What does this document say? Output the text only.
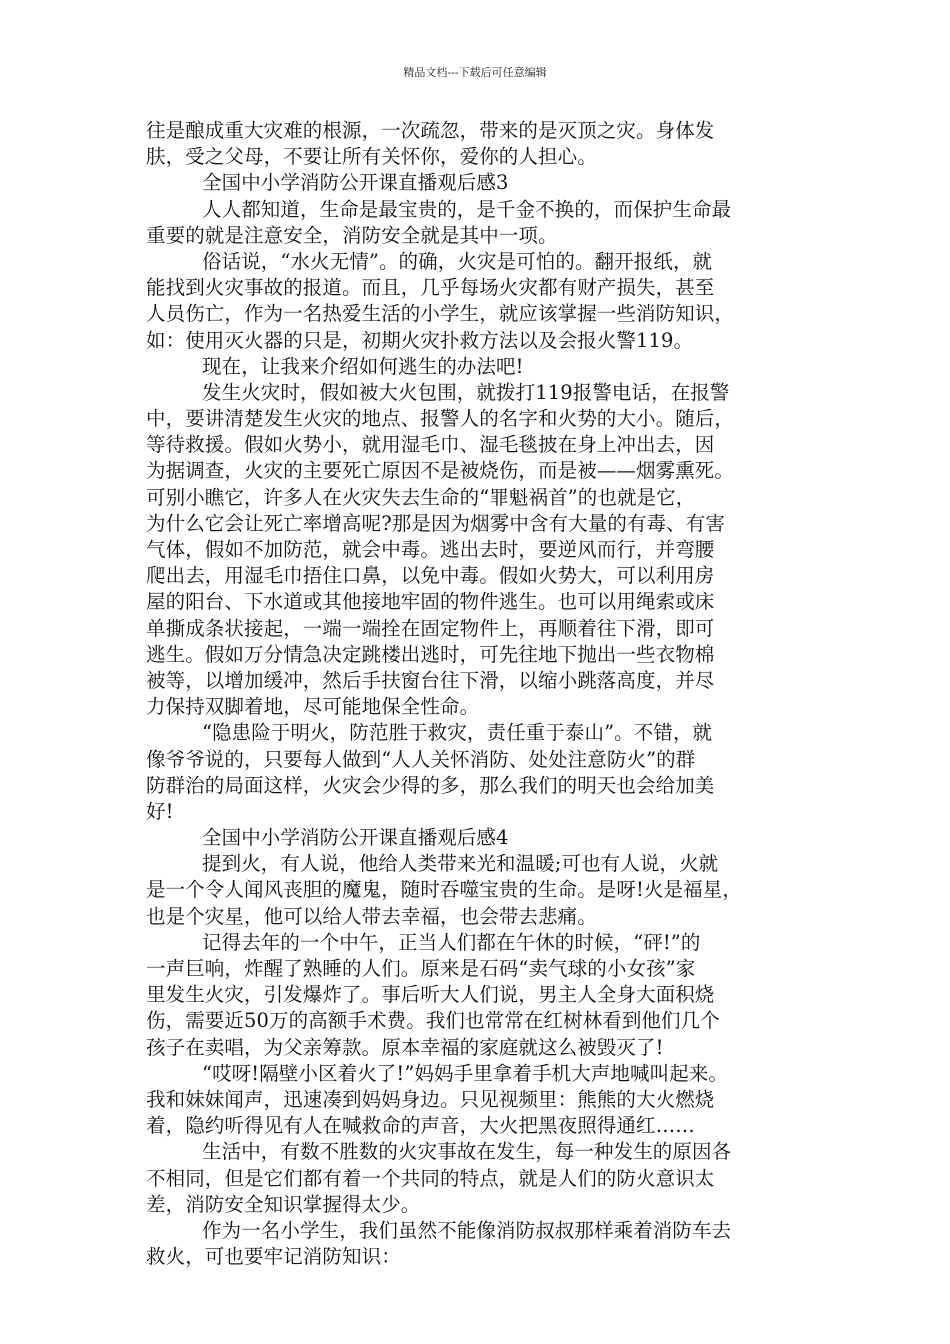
精品文档---下载后可任意编辑
往是酿成重大灾难的根源，一次疏忽，带来的是灭顶之灾。身体发
肤，受之父母，不要让所有关怀你，爱你的人担心。
全国中小学消防公开课直播观后感3
人人都知道，生命是最宝贵的，是千金不换的，而保护生命最
重要的就是注意安全，消防安全就是其中一项。
俗话说，“水火无情”。的确，火灾是可怕的。翻开报纸，就
能找到火灾事故的报道。而且，几乎每场火灾都有财产损失，甚至
人员伤亡，作为一名热爱生活的小学生，就应该掌握一些消防知识，
如：使用灭火器的只是，初期火灾扑救方法以及会报火警119。
现在，让我来介绍如何逃生的办法吧!
发生火灾时，假如被大火包围，就拨打119报警电话，在报警
中，要讲清楚发生火灾的地点、报警人的名字和火势的大小。随后，
等待救援。假如火势小，就用湿毛巾、湿毛毯披在身上冲出去，因
为据调查，火灾的主要死亡原因不是被烧伤，而是被——烟雾熏死。
可别小瞧它，许多人在火灾失去生命的“罪魁祸首”的也就是它，
为什么它会让死亡率增高呢?那是因为烟雾中含有大量的有毒、有害
气体，假如不加防范，就会中毒。逃出去时，要逆风而行，并弯腰
爬出去，用湿毛巾捂住口鼻，以免中毒。假如火势大，可以利用房
屋的阳台、下水道或其他接地牢固的物件逃生。也可以用绳索或床
单撕成条状接起，一端一端拴在固定物件上，再顺着往下滑，即可
逃生。假如万分情急决定跳楼出逃时，可先往地下抛出一些衣物棉
被等，以增加缓冲，然后手扶窗台往下滑，以缩小跳落高度，并尽
力保持双脚着地，尽可能地保全性命。
“隐患险于明火，防范胜于救灾，责任重于泰山”。不错，就
像爷爷说的，只要每人做到“人人关怀消防、处处注意防火”的群
防群治的局面这样，火灾会少得的多，那么我们的明天也会给加美
好!
全国中小学消防公开课直播观后感4
提到火，有人说，他给人类带来光和温暖;可也有人说，火就
是一个令人闻风丧胆的魔鬼，随时吞噬宝贵的生命。是呀!火是福星，
也是个灾星，他可以给人带去幸福，也会带去悲痛。
记得去年的一个中午，正当人们都在午休的时候，“砰!”的
一声巨响，炸醒了熟睡的人们。原来是石码“卖气球的小女孩”家
里发生火灾，引发爆炸了。事后听大人们说，男主人全身大面积烧
伤，需要近50万的高额手术费。我们也常常在红树林看到他们几个
孩子在卖唱，为父亲筹款。原本幸福的家庭就这么被毁灭了!
“哎呀!隔壁小区着火了!”妈妈手里拿着手机大声地喊叫起来。
我和妹妹闻声，迅速凑到妈妈身边。只见视频里：熊熊的大火燃烧
着，隐约听得见有人在喊救命的声音，大火把黑夜照得通红……
生活中，有数不胜数的火灾事故在发生，每一种发生的原因各
不相同，但是它们都有着一个共同的特点，就是人们的防火意识太
差，消防安全知识掌握得太少。
作为一名小学生，我们虽然不能像消防叔叔那样乘着消防车去
救火，可也要牢记消防知识：
